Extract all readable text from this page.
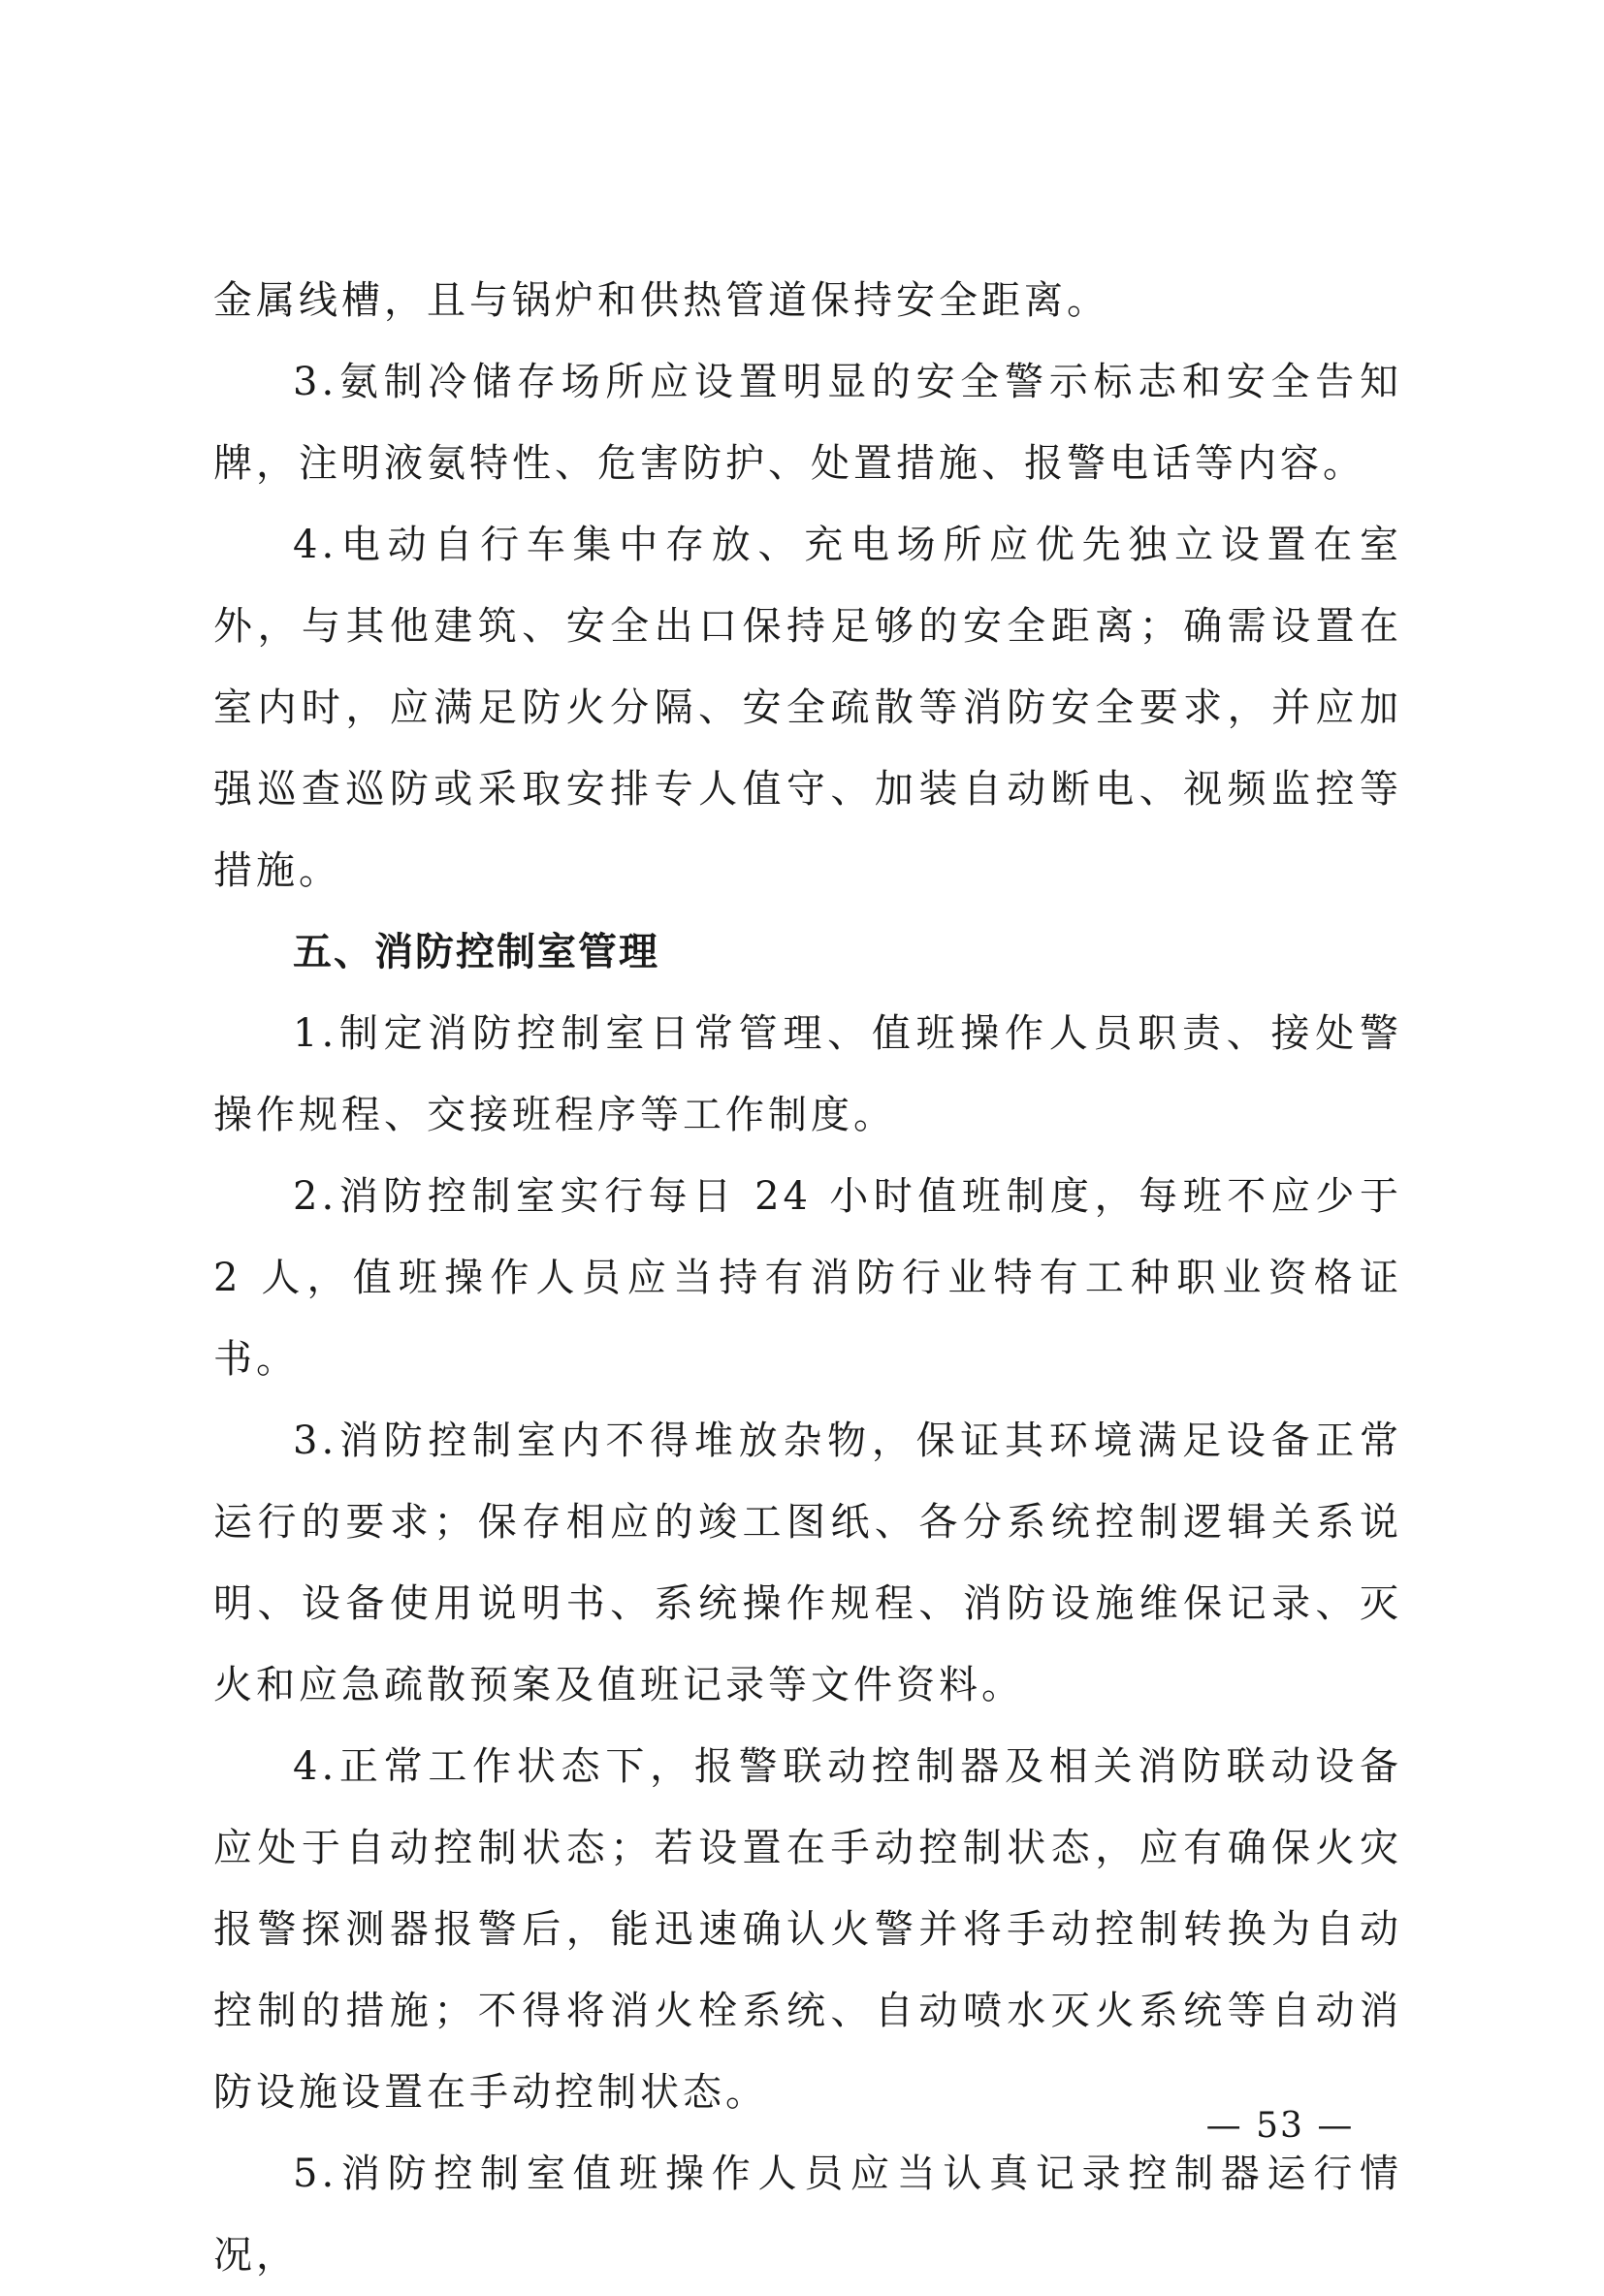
金属线槽，且与锅炉和供热管道保持安全距离。

3.氨制冷储存场所应设置明显的安全警示标志和安全告知牌，注明液氨特性、危害防护、处置措施、报警电话等内容。

4.电动自行车集中存放、充电场所应优先独立设置在室外，与其他建筑、安全出口保持足够的安全距离；确需设置在室内时，应满足防火分隔、安全疏散等消防安全要求，并应加强巡查巡防或采取安排专人值守、加装自动断电、视频监控等措施。

五、消防控制室管理

1.制定消防控制室日常管理、值班操作人员职责、接处警操作规程、交接班程序等工作制度。

2.消防控制室实行每日 24 小时值班制度，每班不应少于 2 人，值班操作人员应当持有消防行业特有工种职业资格证书。

3.消防控制室内不得堆放杂物，保证其环境满足设备正常运行的要求；保存相应的竣工图纸、各分系统控制逻辑关系说明、设备使用说明书、系统操作规程、消防设施维保记录、灭火和应急疏散预案及值班记录等文件资料。

4.正常工作状态下，报警联动控制器及相关消防联动设备应处于自动控制状态；若设置在手动控制状态，应有确保火灾报警探测器报警后，能迅速确认火警并将手动控制转换为自动控制的措施；不得将消火栓系统、自动喷水灭火系统等自动消防设施设置在手动控制状态。

5.消防控制室值班操作人员应当认真记录控制器运行情况，

— 53 —
